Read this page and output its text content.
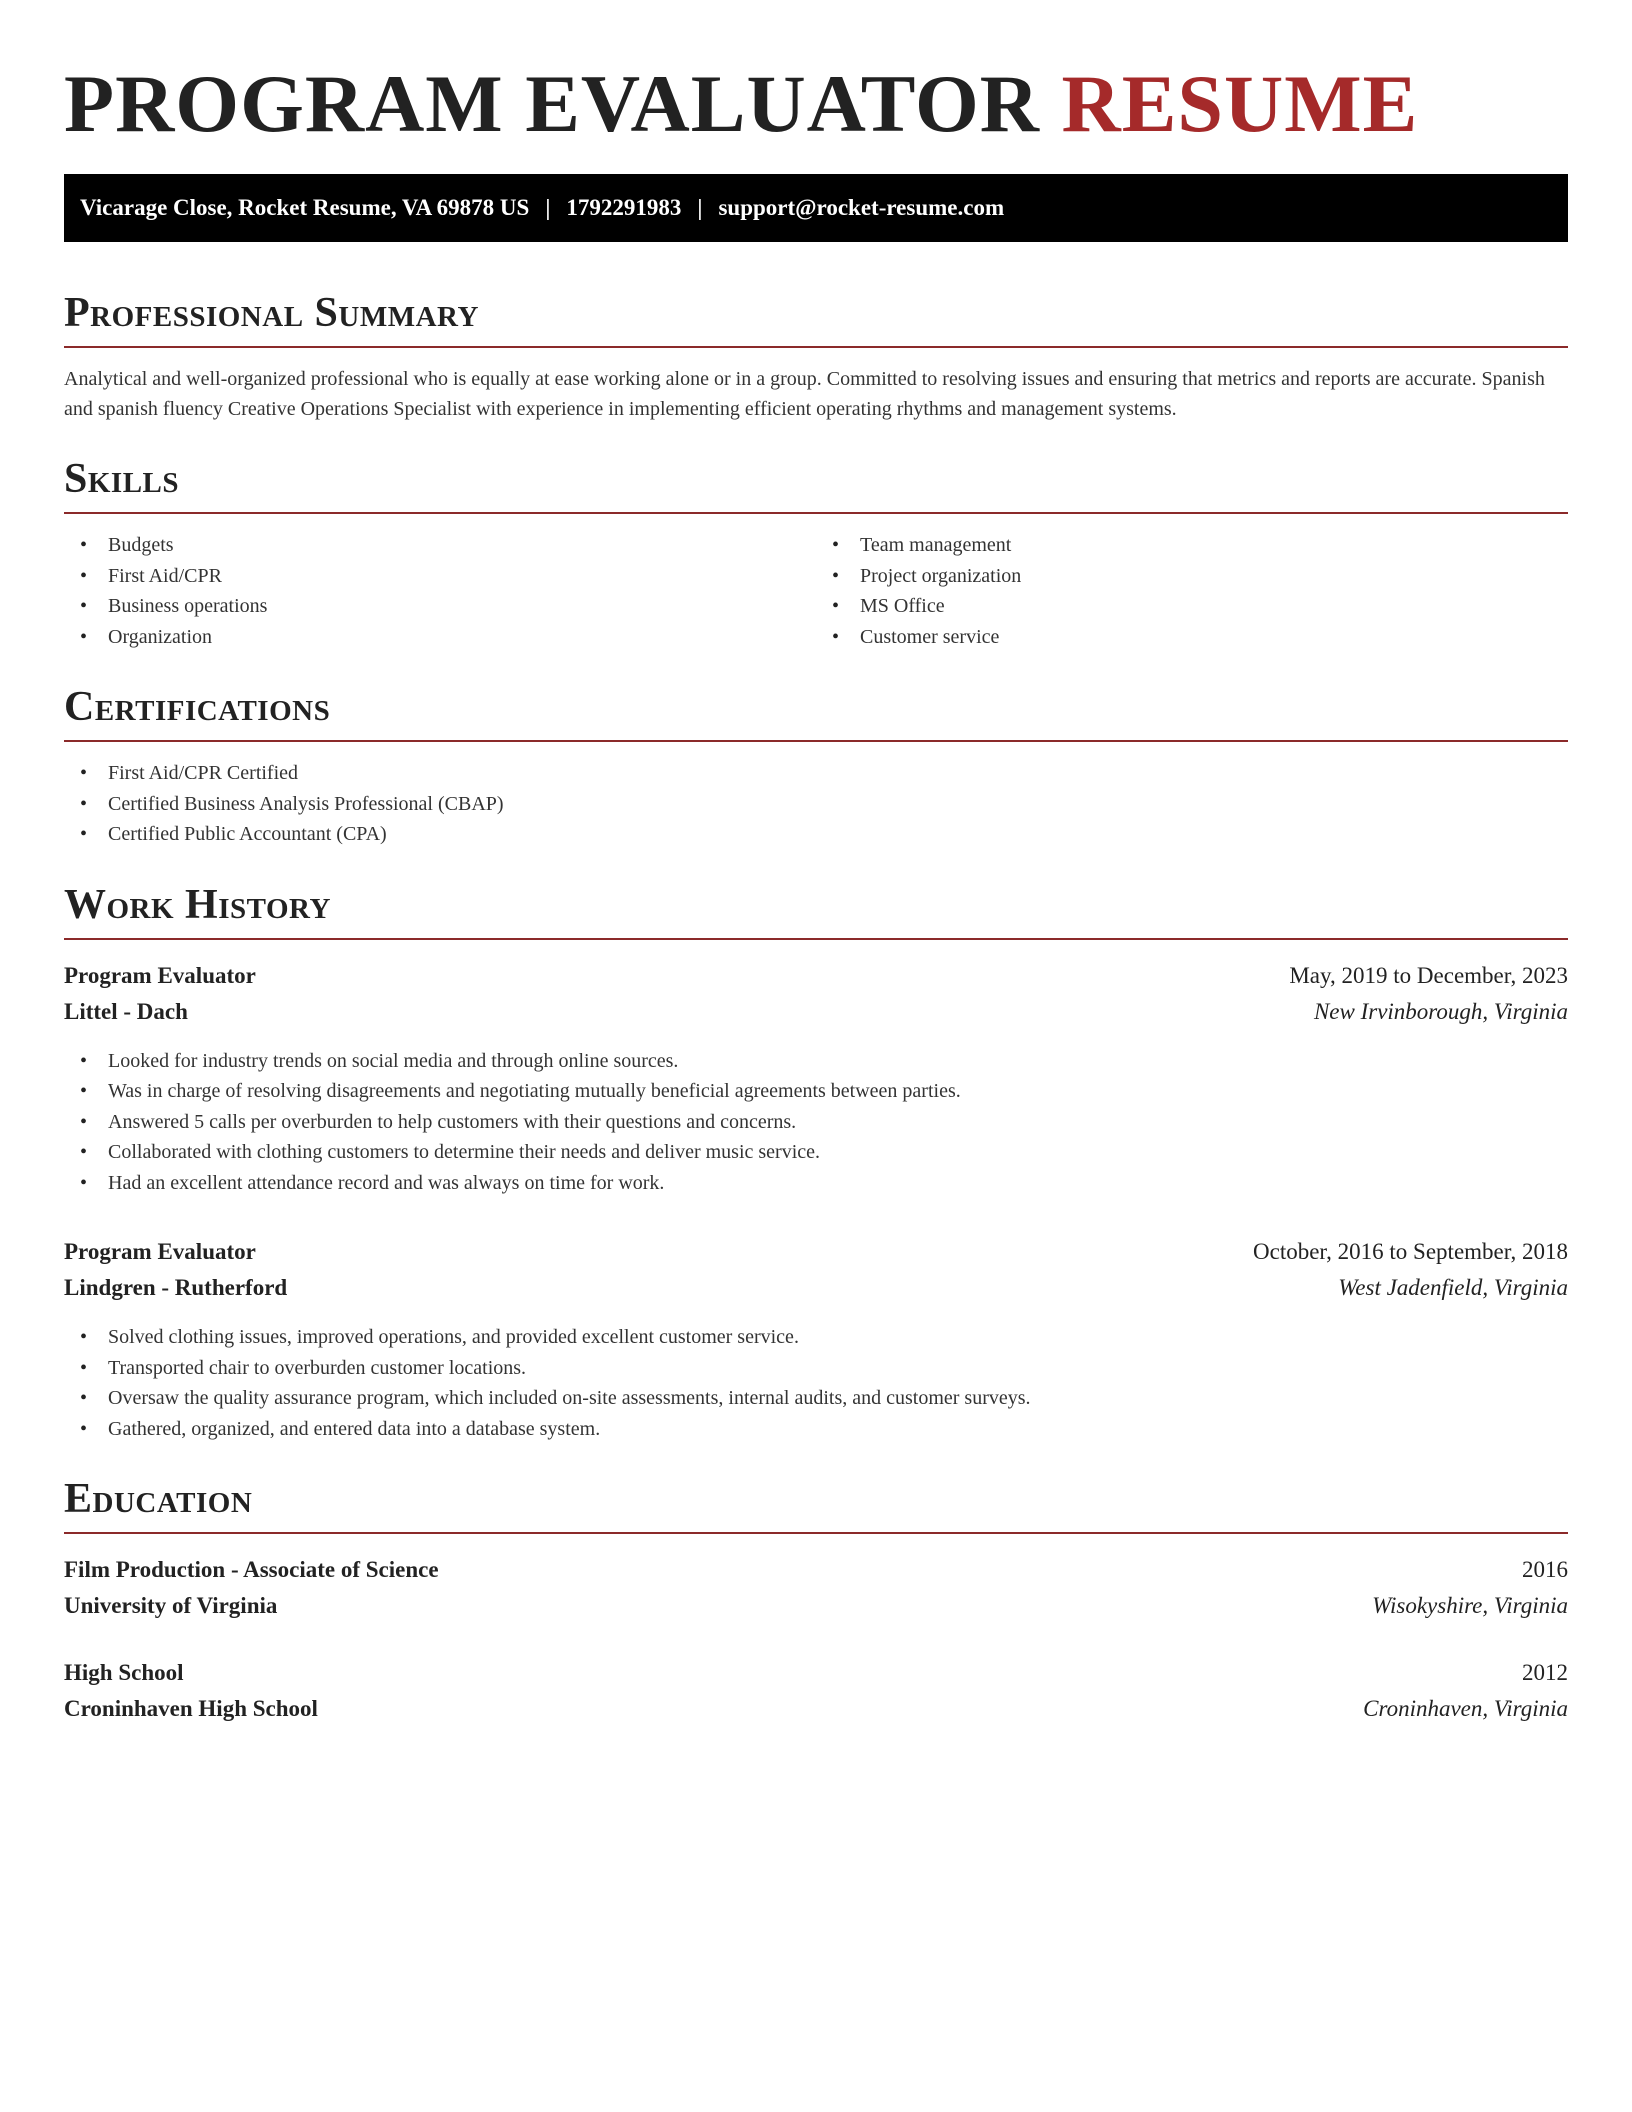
PROGRAM EVALUATOR RESUME
Vicarage Close, Rocket Resume, VA 69878 US | 1792291983 | support@rocket-resume.com
Professional Summary

Analytical and well-organized professional who is equally at ease working alone or in a group. Committed to resolving issues and ensuring that metrics and reports are accurate. Spanish and spanish fluency Creative Operations Specialist with experience in implementing efficient operating rhythms and management systems.

Skills
• Budgets
• First Aid/CPR
• Business operations
• Organization
• Team management
• Project organization
• MS Office
• Customer service
Certifications
• First Aid/CPR Certified
• Certified Business Analysis Professional (CBAP)
• Certified Public Accountant (CPA)
Work History
Program Evaluator	May, 2019 to December, 2023
Littel - Dach	New Irvinborough, Virginia
• Looked for industry trends on social media and through online sources.
• Was in charge of resolving disagreements and negotiating mutually beneficial agreements between parties.
• Answered 5 calls per overburden to help customers with their questions and concerns.
• Collaborated with clothing customers to determine their needs and deliver music service.
• Had an excellent attendance record and was always on time for work.
Program Evaluator	October, 2016 to September, 2018
Lindgren - Rutherford	West Jadenfield, Virginia
• Solved clothing issues, improved operations, and provided excellent customer service.
• Transported chair to overburden customer locations.
• Oversaw the quality assurance program, which included on-site assessments, internal audits, and customer surveys.
• Gathered, organized, and entered data into a database system.
Education
Film Production - Associate of Science	2016
University of Virginia	Wisokyshire, Virginia
High School	2012
Croninhaven High School	Croninhaven, Virginia
